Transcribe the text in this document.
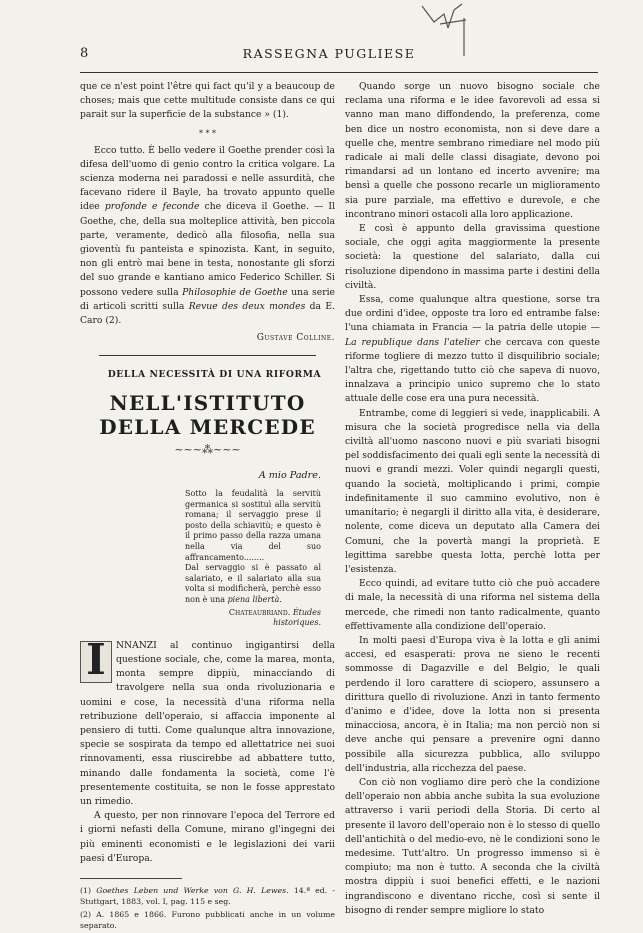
8	RASSEGNA PUGLIESE

que ce n'est point l'être qui fact qu'il y a beaucoup de choses; mais que cette multitude consiste dans ce qui parait sur la superficie de la substance » (1).

* * *

Ecco tutto. È bello vedere il Goethe prender così la difesa dell'uomo di genio contro la critica volgare. La scienza moderna nei paradossi e nelle assurdità, che facevano ridere il Bayle, ha trovato appunto quelle idee profonde e feconde che diceva il Goethe. — Il Goethe, che, della sua molteplice attività, ben piccola parte, veramente, dedicò alla filosofia, nella sua gioventù fu panteista e spinozista. Kant, in seguito, non gli entrò mai bene in testa, nonostante gli sforzi del suo grande e kantiano amico Federico Schiller. Si possono vedere sulla Philosophie de Goethe una serie di articoli scritti sulla Revue des deux mondes da E. Caro (2).

Gustave Colline.

DELLA NECESSITÀ DI UNA RIFORMA

NELL'ISTITUTO DELLA MERCEDE
~~~⁂~~~
A mio Padre.

Sotto la feudalità la servitù germanica si sostituì alla servitù romana; il servaggio prese il posto della schiavitù; e questo è il primo passo della razza umana nella via del suo affrancamento........

Dal servaggio si è passato al salariato, e il salariato alla sua volta si modificherà, perchè esso non è una piena libertà.

Chateaubriand. Études historiques.

I	NNANZI al continuo ingigantirsi della questione sociale, che, come la marea, monta, monta sempre dippiù, minacciando di travolgere nella sua onda rivoluzionaria e uomini e cose, la necessità d'una riforma nella retribuzione dell'operaio, si affaccia imponente al pensiero di tutti. Come qualunque altra innovazione, specie se sospirata da tempo ed allettatrice nei suoi rinnovamenti, essa riuscirebbe ad abbattere tutto, minando dalle fondamenta la società, come l'è presentemente costituita, se non le fosse apprestato un rimedio.

A questo, per non rinnovare l'epoca del Terrore ed i giorni nefasti della Comune, mirano gl'ingegni dei più eminenti economisti e le legislazioni dei varii paesi d'Europa.

(1) Goethes Leben und Werke von G. H. Lewes. 14.ª ed. - Stuttgart, 1883, vol. I, pag. 115 e seg.

(2) A. 1865 e 1866. Furono pubblicati anche in un volume separato.

Quando sorge un nuovo bisogno sociale che reclama una riforma e le idee favorevoli ad essa si vanno man mano diffondendo, la preferenza, come ben dice un nostro economista, non si deve dare a quelle che, mentre sembrano rimediare nel modo più radicale ai mali delle classi disagiate, devono poi rimandarsi ad un lontano ed incerto avvenire; ma bensì a quelle che possono recarle un miglioramento sia pure parziale, ma effettivo e durevole, e che incontrano minori ostacoli alla loro applicazione.

E così è appunto della gravissima questione sociale, che oggi agita maggiormente la presente società: la questione del salariato, dalla cui risoluzione dipendono in massima parte i destini della civiltà.

Essa, come qualunque altra questione, sorse tra due ordini d'idee, opposte tra loro ed entrambe false: l'una chiamata in Francia — la patria delle utopie — La republique dans l'atelier che cercava con queste riforme togliere di mezzo tutto il disquilibrio sociale; l'altra che, rigettando tutto ciò che sapeva di nuovo, innalzava a principio unico supremo che lo stato attuale delle cose era una pura necessità.

Entrambe, come di leggieri si vede, inapplicabili. A misura che la società progredisce nella via della civiltà all'uomo nascono nuovi e più svariati bisogni pel soddisfacimento dei quali egli sente la necessità di nuovi e grandi mezzi. Voler quindi negargli questi, quando la società, moltiplicando i primi, compie indefinitamente il suo cammino evolutivo, non è umanitario; è negargli il diritto alla vita, è desiderare, nolente, come diceva un deputato alla Camera dei Comuni, che la povertà mangi la proprietà. E legittima sarebbe questa lotta, perchè lotta per l'esistenza.

Ecco quindi, ad evitare tutto ciò che può accadere di male, la necessità di una riforma nel sistema della mercede, che rimedi non tanto radicalmente, quanto effettivamente alla condizione dell'operaio.

In molti paesi d'Europa viva è la lotta e gli animi accesi, ed esasperati: prova ne sieno le recenti sommosse di Dagazville e del Belgio, le quali perdendo il loro carattere di sciopero, assunsero a dirittura quello di rivoluzione. Anzi in tanto fermento d'animo e d'idee, dove la lotta non si presenta minacciosa, ancora, è in Italia; ma non perciò non si deve anche qui pensare a prevenire ogni danno possibile alla sicurezza pubblica, allo sviluppo dell'industria, alla ricchezza del paese.

Con ciò non vogliamo dire però che la condizione dell'operaio non abbia anche subìta la sua evoluzione attraverso i varii periodi della Storia. Di certo al presente il lavoro dell'operaio non è lo stesso di quello dell'antichità o del medio-evo, nè le condizioni sono le medesime. Tutt'altro. Un progresso immenso si è compiuto; ma non è tutto. A seconda che la civiltà mostra dippiù i suoi benefici effetti, e le nazioni ingrandiscono e diventano ricche, così si sente il bisogno di render sempre migliore lo stato
